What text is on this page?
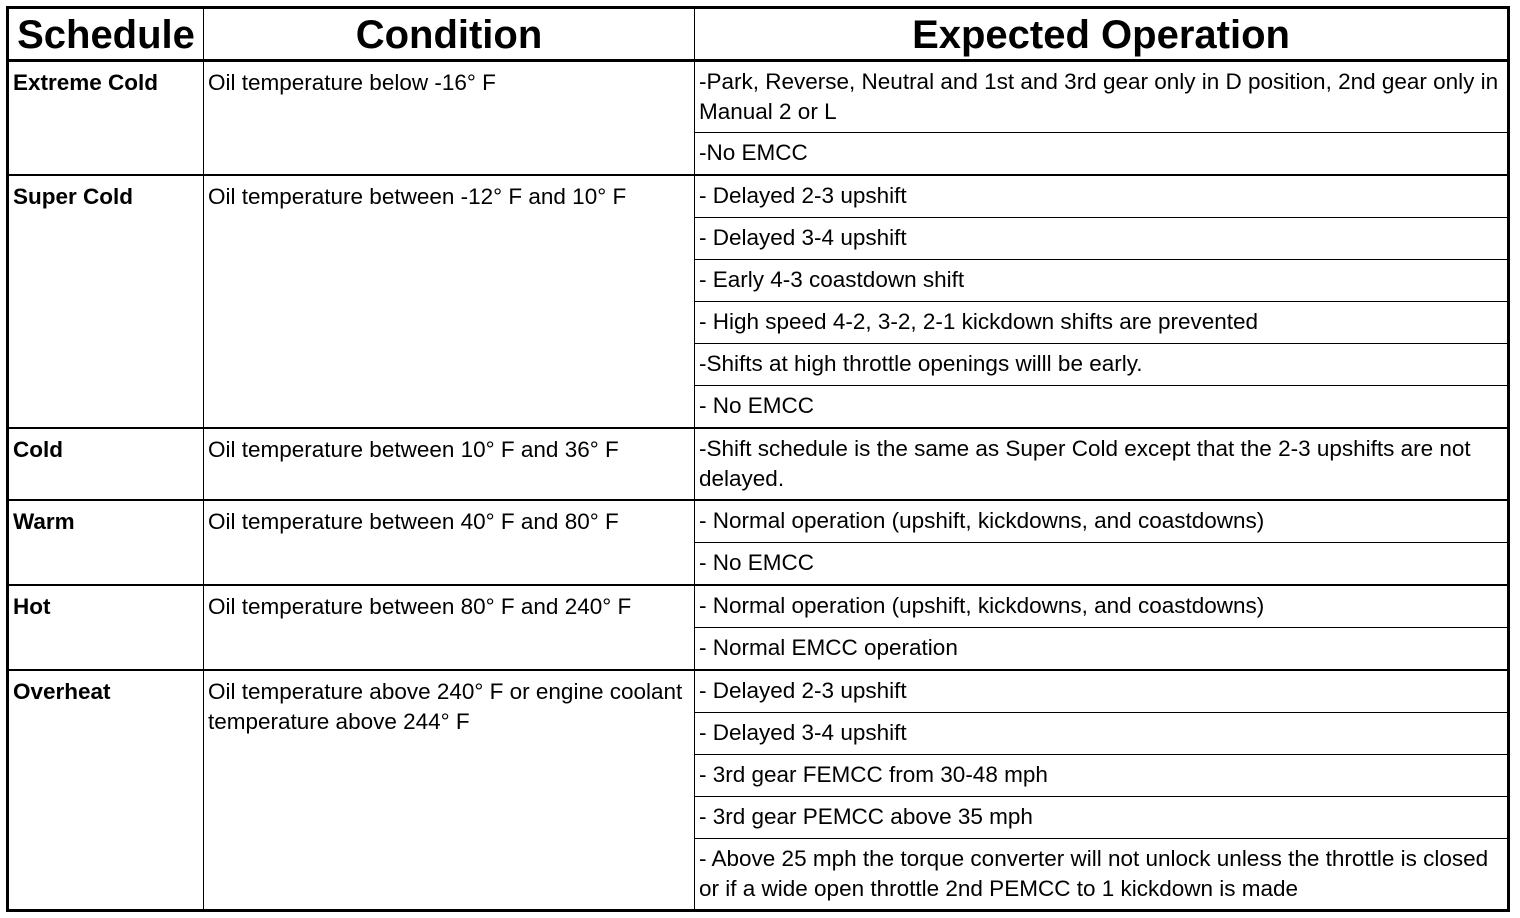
Schedule	Condition	Expected Operation
Extreme Cold	Oil temperature below -16° F	-Park, Reverse, Neutral and 1st and 3rd gear only in D position, 2nd gear only in Manual 2 or L
		-No EMCC
Super Cold	Oil temperature between -12° F and 10° F	- Delayed 2-3 upshift
		- Delayed 3-4 upshift
		- Early 4-3 coastdown shift
		- High speed 4-2, 3-2, 2-1 kickdown shifts are prevented
		-Shifts at high throttle openings willl be early.
		- No EMCC
Cold	Oil temperature between 10° F and 36° F	-Shift schedule is the same as Super Cold except that the 2-3 upshifts are not delayed.
Warm	Oil temperature between 40° F and 80° F	- Normal operation (upshift, kickdowns, and coastdowns)
		- No EMCC
Hot	Oil temperature between 80° F and 240° F	- Normal operation (upshift, kickdowns, and coastdowns)
		- Normal EMCC operation
Overheat	Oil temperature above 240° F or engine coolant temperature above 244° F	- Delayed 2-3 upshift
		- Delayed 3-4 upshift
		- 3rd gear FEMCC from 30-48 mph
		- 3rd gear PEMCC above 35 mph
		- Above 25 mph the torque converter will not unlock unless the throttle is closed or if a wide open throttle 2nd PEMCC to 1 kickdown is made
